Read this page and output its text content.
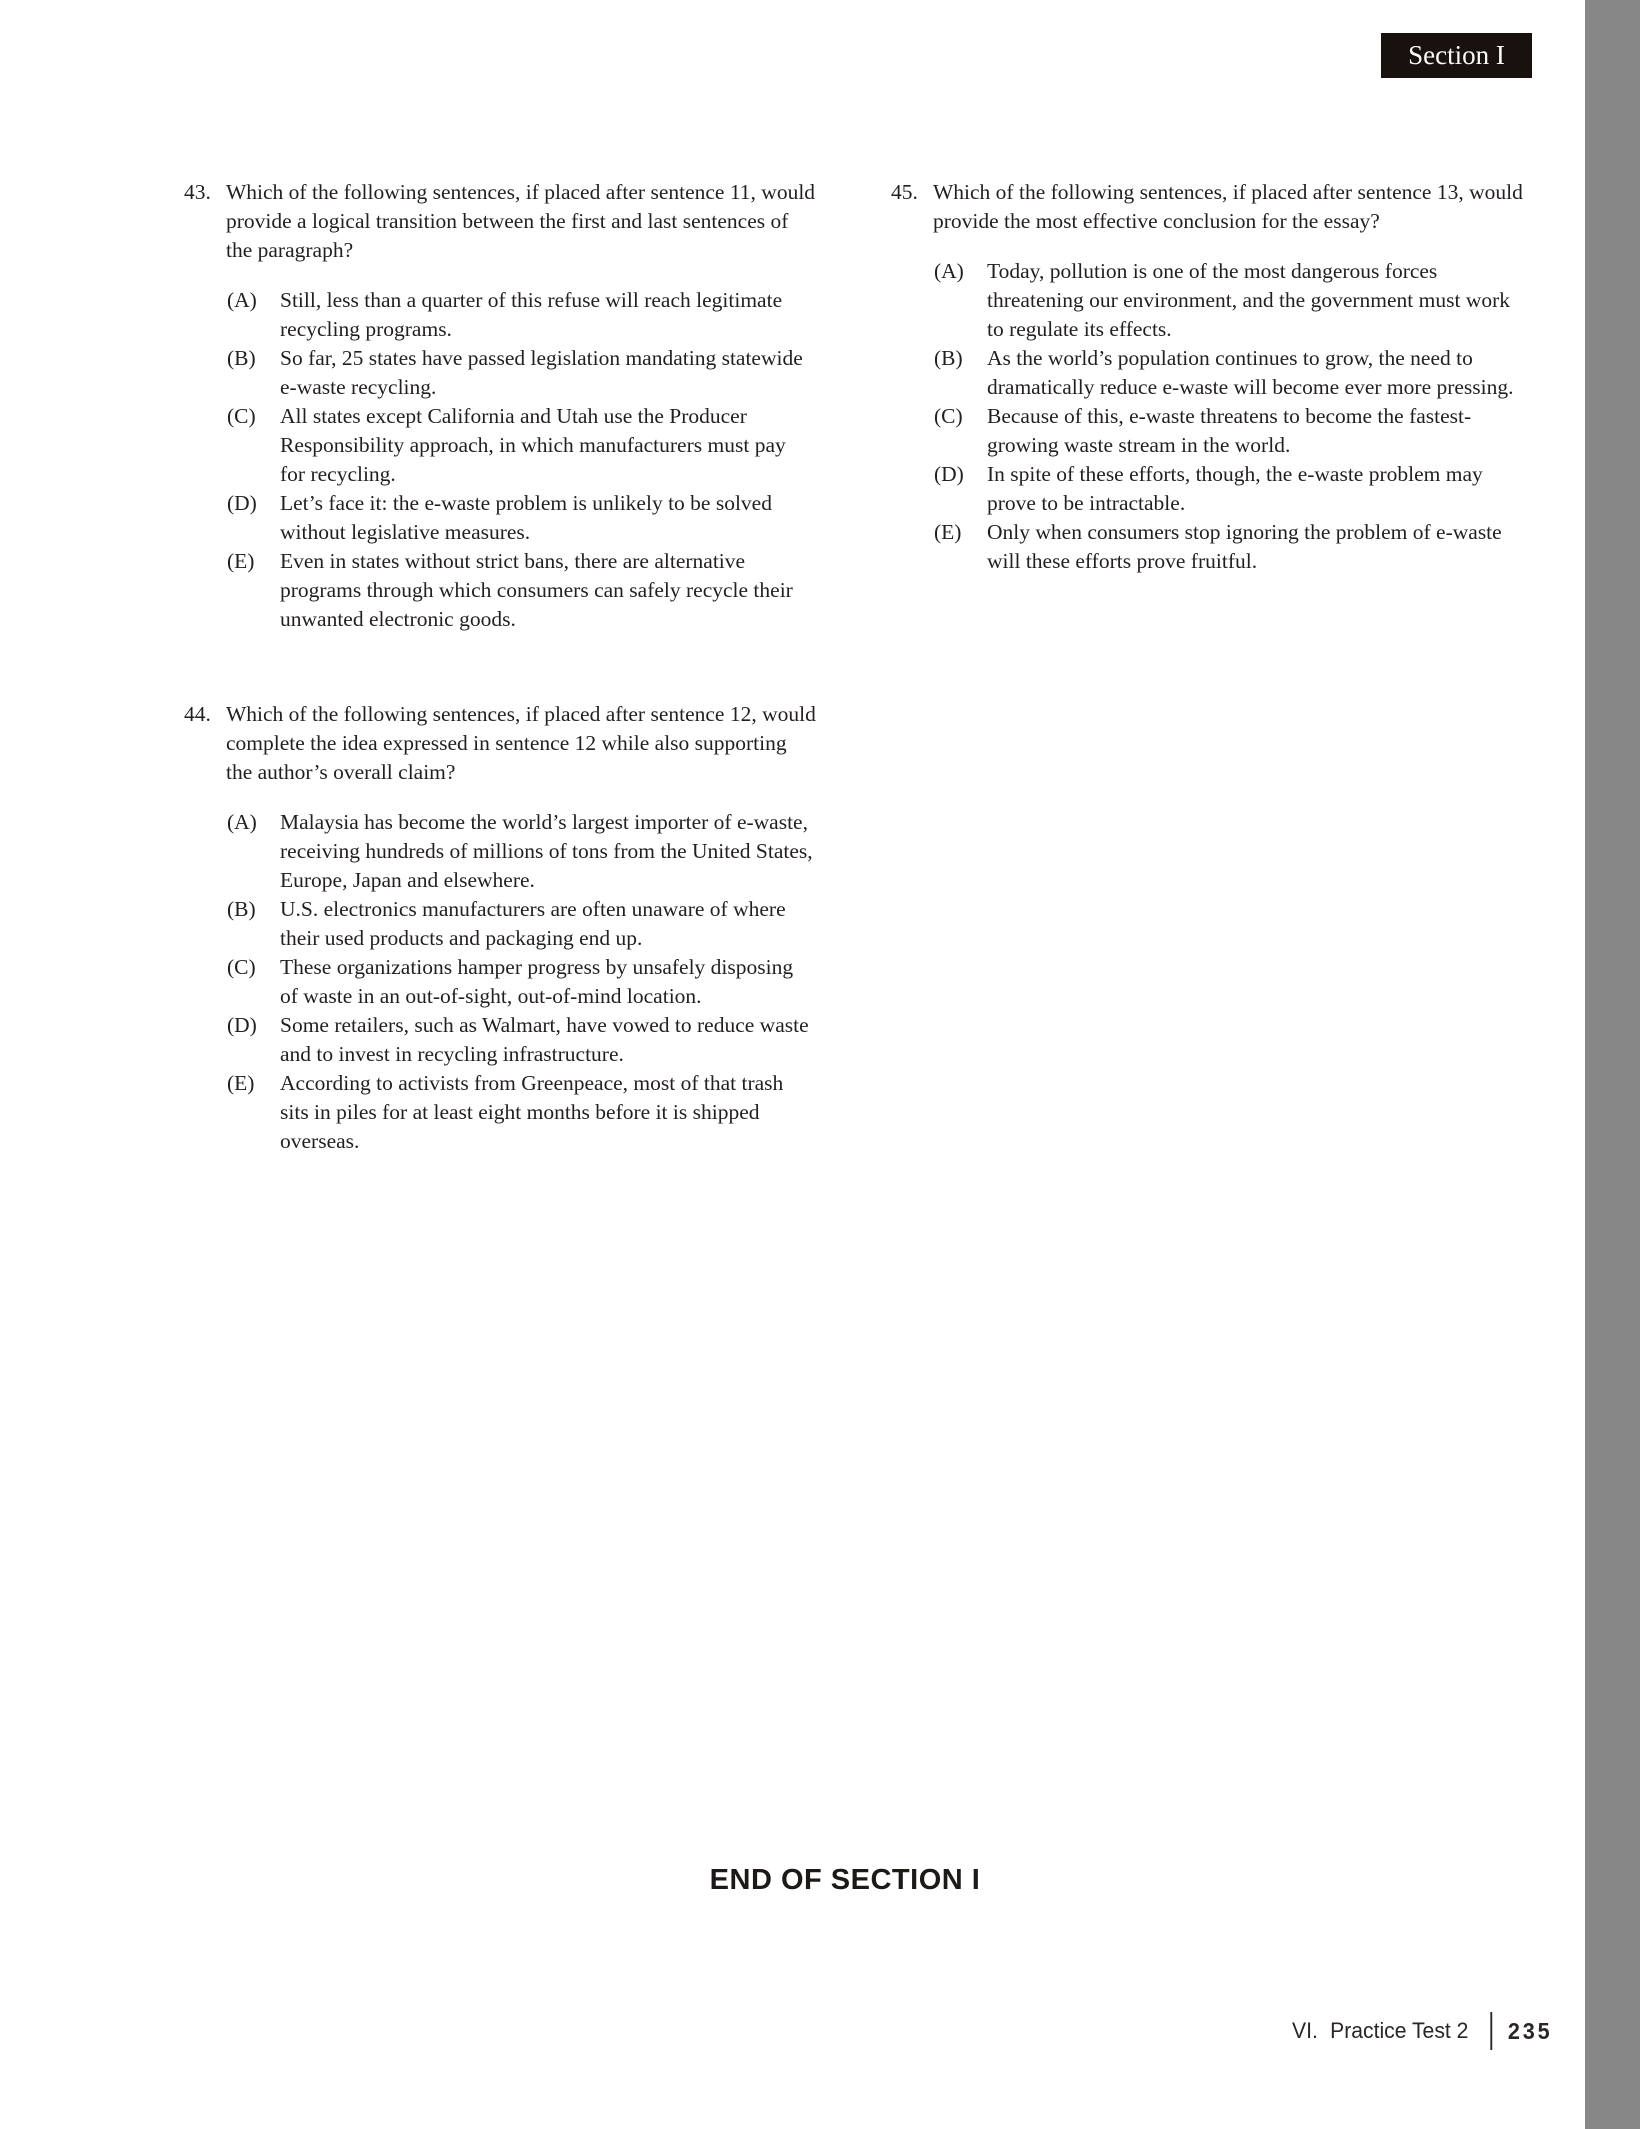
Section I
43. Which of the following sentences, if placed after sentence 11, would provide a logical transition between the first and last sentences of the paragraph?
(A)	Still, less than a quarter of this refuse will reach legitimate recycling programs.
(B)	So far, 25 states have passed legislation mandating statewide e-waste recycling.
(C)	All states except California and Utah use the Producer Responsibility approach, in which manufacturers must pay for recycling.
(D)	Let’s face it: the e-waste problem is unlikely to be solved without legislative measures.
(E)	Even in states without strict bans, there are alternative programs through which consumers can safely recycle their unwanted electronic goods.
44. Which of the following sentences, if placed after sentence 12, would complete the idea expressed in sentence 12 while also supporting the author’s overall claim?
(A)	Malaysia has become the world’s largest importer of e-waste, receiving hundreds of millions of tons from the United States, Europe, Japan and elsewhere.
(B)	U.S. electronics manufacturers are often unaware of where their used products and packaging end up.
(C)	These organizations hamper progress by unsafely disposing of waste in an out-of-sight, out-of-mind location.
(D)	Some retailers, such as Walmart, have vowed to reduce waste and to invest in recycling infrastructure.
(E)	According to activists from Greenpeace, most of that trash sits in piles for at least eight months before it is shipped overseas.
45. Which of the following sentences, if placed after sentence 13, would provide the most effective conclusion for the essay?
(A)	Today, pollution is one of the most dangerous forces threatening our environment, and the government must work to regulate its effects.
(B)	As the world’s population continues to grow, the need to dramatically reduce e-waste will become ever more pressing.
(C)	Because of this, e-waste threatens to become the fastest-growing waste stream in the world.
(D)	In spite of these efforts, though, the e-waste problem may prove to be intractable.
(E)	Only when consumers stop ignoring the problem of e-waste will these efforts prove fruitful.
END OF SECTION I
VI. Practice Test 2 235
